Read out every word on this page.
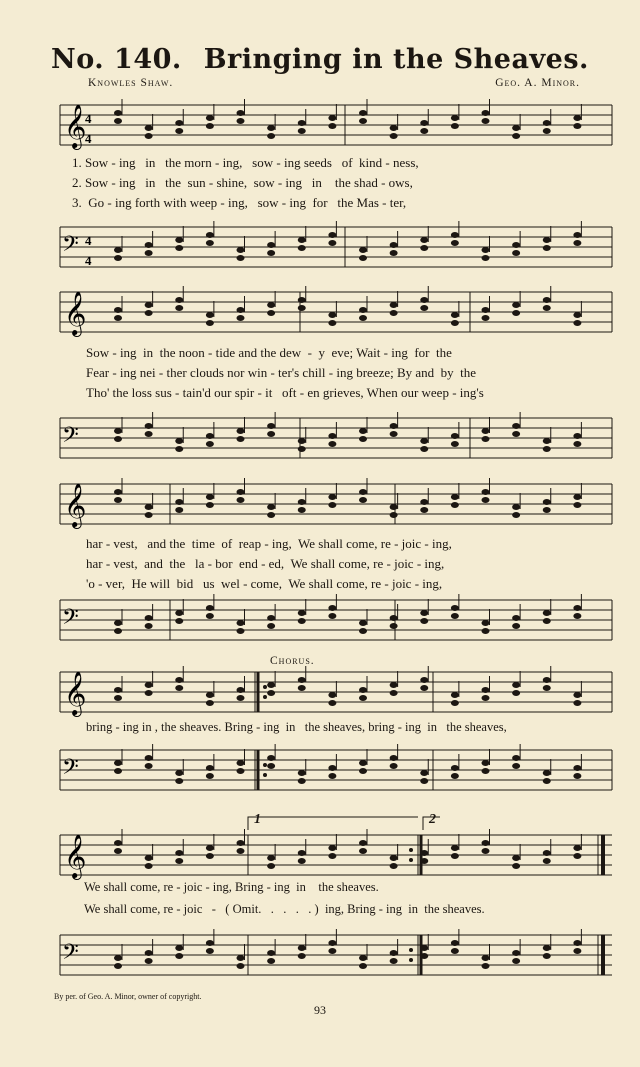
No. 140. Bringing in the Sheaves.
Knowles Shaw.	Geo. A. Minor.
𝄞
4
4
1. Sow - ing   in   the morn - ing,   sow - ing seeds   of  kind - ness,
2. Sow - ing   in   the  sun - shine,  sow - ing   in    the shad - ows,
3.  Go - ing forth with weep - ing,   sow - ing  for   the Mas - ter,
𝄢 4
4
𝄞
Sow - ing  in  the noon - tide and the dew  -  y  eve; Wait - ing  for  the
Fear - ing nei - ther clouds nor win - ter's chill - ing breeze; By and  by  the
Tho' the loss sus - tain'd our spir - it   oft - en grieves, When our weep - ing's
𝄢
𝄞
har - vest,   and the  time  of  reap - ing,  We shall come, re - joic - ing,
har - vest,  and  the   la - bor  end - ed,  We shall come, re - joic - ing,
'o - ver,  He will  bid   us  wel - come,  We shall come, re - joic - ing,
𝄢
Chorus.
𝄞
bring - ing in , the sheaves. Bring - ing  in   the sheaves, bring - ing  in   the sheaves,
𝄢
1	2
𝄞
We shall come, re - joic - ing, Bring - ing  in    the sheaves.
We shall come, re - joic   -   ( Omit.   .   .   .   . )  ing, Bring - ing  in  the sheaves.
𝄢
By per. of Geo. A. Minor, owner of copyright.
93
